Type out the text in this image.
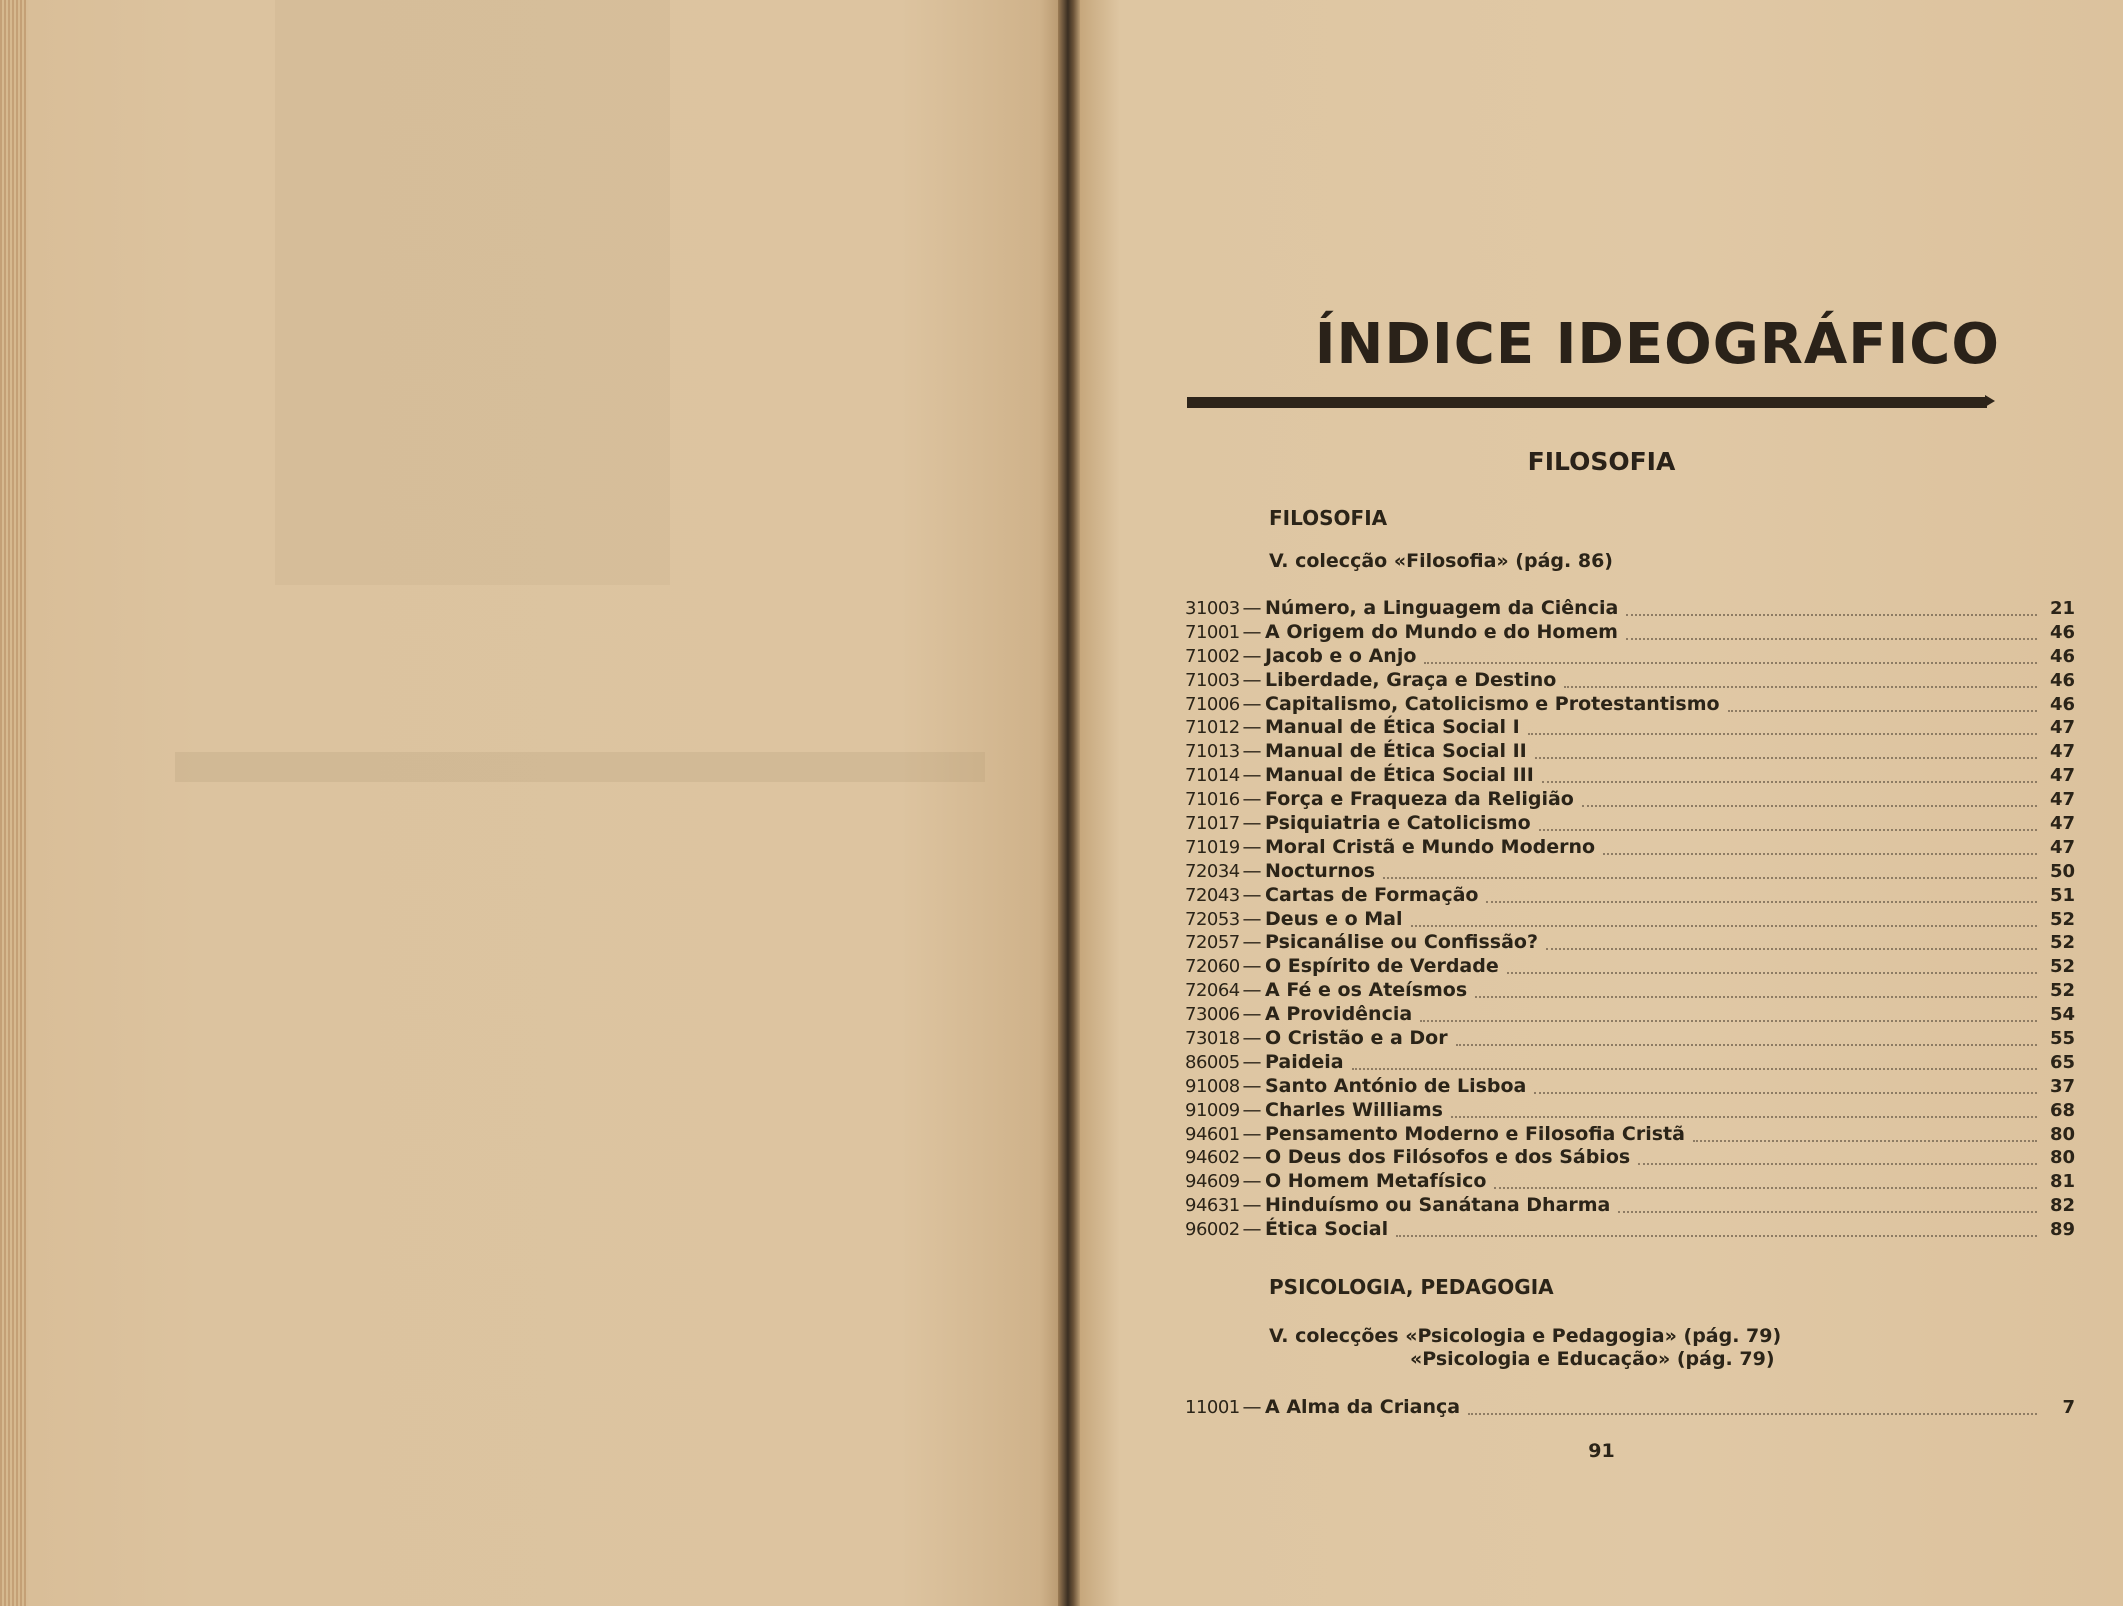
ÍNDICE IDEOGRÁFICO
FILOSOFIA
FILOSOFIA
V. colecção «Filosofia» (pág. 86)
31003 — Número, a Linguagem da Ciência	21
71001 — A Origem do Mundo e do Homem	46
71002 — Jacob e o Anjo	46
71003 — Liberdade, Graça e Destino	46
71006 — Capitalismo, Catolicismo e Protestantismo	46
71012 — Manual de Ética Social I	47
71013 — Manual de Ética Social II	47
71014 — Manual de Ética Social III	47
71016 — Força e Fraqueza da Religião	47
71017 — Psiquiatria e Catolicismo	47
71019 — Moral Cristã e Mundo Moderno	47
72034 — Nocturnos	50
72043 — Cartas de Formação	51
72053 — Deus e o Mal	52
72057 — Psicanálise ou Confissão?	52
72060 — O Espírito de Verdade	52
72064 — A Fé e os Ateísmos	52
73006 — A Providência	54
73018 — O Cristão e a Dor	55
86005 — Paideia	65
91008 — Santo António de Lisboa	37
91009 — Charles Williams	68
94601 — Pensamento Moderno e Filosofia Cristã	80
94602 — O Deus dos Filósofos e dos Sábios	80
94609 — O Homem Metafísico	81
94631 — Hinduísmo ou Sanátana Dharma	82
96002 — Ética Social	89
PSICOLOGIA, PEDAGOGIA
V. colecções «Psicologia e Pedagogia» (pág. 79)
«Psicologia e Educação» (pág. 79)
11001 — A Alma da Criança	7
91
